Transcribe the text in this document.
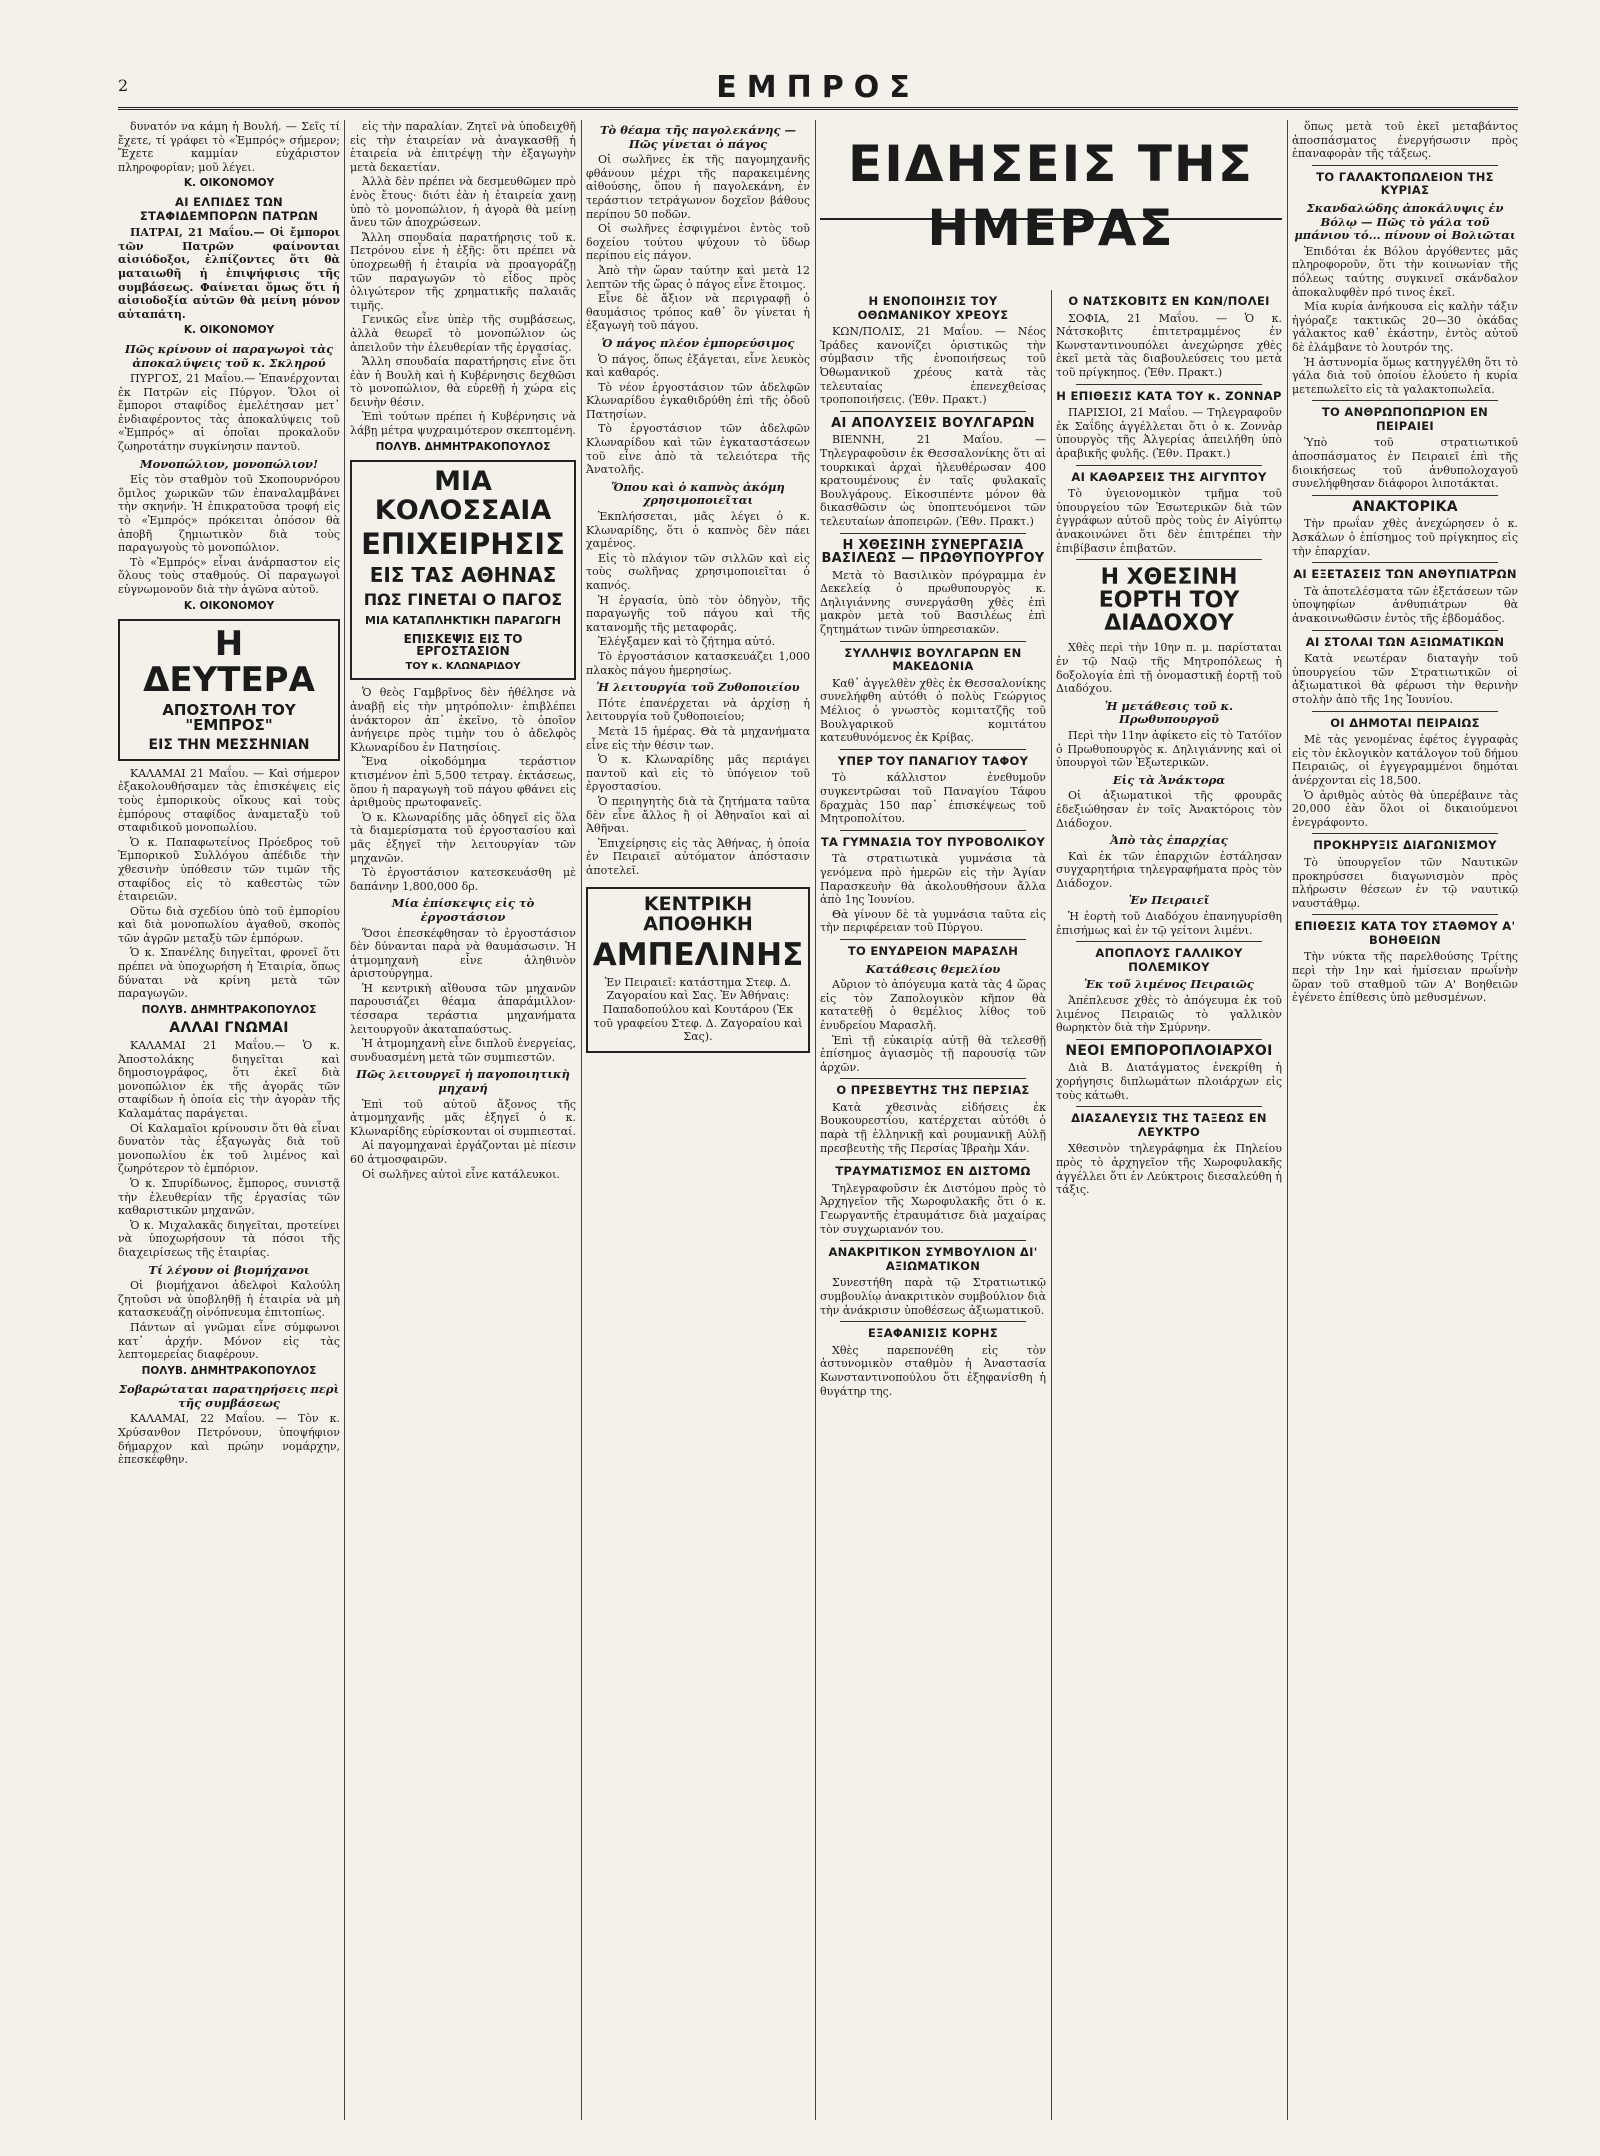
2	ΕΜΠΡΟΣ

δυνατόν να κάμη ἡ Βουλή. — Σεῖς τί ἔχετε, τί γράφει τὸ «Ἐμπρός» σήμερον; Ἔχετε καμμίαν εὐχάριστον πληροφορίαν; μοῦ λέγει.

Κ. ΟΙΚΟΝΟΜΟΥ
ΑΙ ΕΛΠΙΔΕΣ ΤΩΝ ΣΤΑΦΙΔΕΜΠΟΡΩΝ ΠΑΤΡΩΝ

ΠΑΤΡΑΙ, 21 Μαΐου.— Οἱ ἔμποροι τῶν Πατρῶν φαίνονται αἰσιόδοξοι, ἐλπίζοντες ὅτι θὰ ματαιωθῆ ἡ ἐπιψήφισις τῆς συμβάσεως. Φαίνεται ὅμως ὅτι ἡ αἰσιοδοξία αὐτῶν θὰ μείνη μόνον αὐταπάτη.

Κ. ΟΙΚΟΝΟΜΟΥ
Πῶς κρίνουν οἱ παραγωγοὶ τὰς ἀποκαλύψεις τοῦ κ. Σκληρού

ΠΥΡΓΟΣ, 21 Μαΐου.— Ἐπανέρχονται ἐκ Πατρῶν εἰς Πύργον. Ὅλοι οἱ ἔμποροι σταφίδος ἐμελέτησαν μετ᾽ ἐνδιαφέροντος τὰς ἀποκαλύψεις τοῦ «Ἐμπρός» αἱ ὁποῖαι προκαλοῦν ζωηροτάτην συγκίνησιν παντοῦ.

Μονοπώλιον, μονοπώλιον!

Εἰς τὸν σταθμὸν τοῦ Σκοπουρνόρου ὅμιλος χωρικῶν τῶν ἐπαναλαμβάνει τὴν σκηνήν. Ἡ ἐπικρατοῦσα τροφή εἰς τὸ «Ἐμπρός» πρόκειται ὁπόσον θὰ ἀποβῆ ζημιωτικὸν διὰ τοὺς παραγωγοὺς τὸ μονοπώλιον.

Τὸ «Ἐμπρός» εἶναι ἀνάρπαστον εἰς ὅλους τοὺς σταθμούς. Οἱ παραγωγοὶ εὐγνωμονοῦν διὰ τὴν ἀγῶνα αὐτοῦ.

Κ. ΟΙΚΟΝΟΜΟΥ
Η ΔΕΥΤΕΡΑ
ΑΠΟΣΤΟΛΗ ΤΟΥ "ΕΜΠΡΟΣ"
ΕΙΣ ΤΗΝ ΜΕΣΣΗΝΙΑΝ

ΚΑΛΑΜΑΙ 21 Μαΐου. — Καὶ σήμερον ἐξακολουθήσαμεν τὰς ἐπισκέψεις εἰς τοὺς ἐμπορικοὺς οἴκους καὶ τοὺς ἐμπόρους σταφίδος ἀναμεταξὺ τοῦ σταφιδικοῦ μονοπωλίου.

Ὁ κ. Παπαφωτείνος Πρόεδρος τοῦ Ἐμπορικοῦ Συλλόγου ἀπέδιδε τὴν χθεσινὴν ὑπόθεσιν τῶν τιμῶν τῆς σταφίδος εἰς τὸ καθεστὼς τῶν ἑταιρειῶν.

Οὕτω διὰ σχεδίου ὑπὸ τοῦ ἐμπορίου καὶ διὰ μονοπωλίου ἀγαθοῦ, σκοπὸς τῶν ἀγρῶν μεταξὺ τῶν ἐμπόρων.

Ὁ κ. Σπανέλης διηγεῖται, φρονεῖ ὅτι πρέπει νὰ ὑποχωρήση ἡ Ἑταιρία, ὅπως δύναται νὰ κρίνη μετὰ τῶν παραγωγῶν.

ΠΟΛΥΒ. ΔΗΜΗΤΡΑΚΟΠΟΥΛΟΣ
ΑΛΛΑΙ ΓΝΩΜΑΙ

ΚΑΛΑΜΑΙ 21 Μαΐου.— Ὁ κ. Ἀποστολάκης διηγεῖται καὶ δημοσιογράφος, ὅτι ἐκεῖ διὰ μονοπώλιον ἐκ τῆς ἀγορᾶς τῶν σταφίδων ἡ ὁποία εἰς τὴν ἀγορὰν τῆς Καλαμάτας παράγεται.

Οἱ Καλαμαῖοι κρίνουσιν ὅτι θὰ εἶναι δυνατὸν τὰς ἐξαγωγὰς διὰ τοῦ μονοπωλίου ἐκ τοῦ λιμένος καὶ ζωηρότερον τὸ ἐμπόριον.

Ὁ κ. Σπυρίδωνος, ἔμπορος, συνιστᾷ τὴν ἐλευθερίαν τῆς ἐργασίας τῶν καθαριστικῶν μηχανῶν.

Ὁ κ. Μιχαλακᾶς διηγεῖται, προτείνει νὰ ὑποχωρήσουν τὰ πόσοι τῆς διαχειρίσεως τῆς ἑταιρίας.

Τί λέγουν οἱ βιομήχανοι

Οἱ βιομήχανοι ἀδελφοὶ Καλούλη ζητοῦσι νὰ ὑποβληθῇ ἡ ἑταιρία νὰ μὴ κατασκευάζῃ οἰνόπνευμα ἐπιτοπίως.

Πάντων αἱ γνῶμαι εἶνε σύμφωνοι κατ᾽ ἀρχήν. Μόνον εἰς τὰς λεπτομερείας διαφέρουν.

ΠΟΛΥΒ. ΔΗΜΗΤΡΑΚΟΠΟΥΛΟΣ
Σοβαρώταται παρατηρήσεις περὶ τῆς συμβάσεως

ΚΑΛΑΜΑΙ, 22 Μαΐου. — Τὸν κ. Χρύσανθον Πετρόνουν, ὑποψήφιον δήμαρχον καὶ πρώην νομάρχην, ἐπεσκέφθην.

εἰς τὴν παραλίαν. Ζητεῖ νὰ ὑποδειχθῆ εἰς τὴν ἑταιρείαν νὰ ἀναγκασθῇ ἡ ἑταιρεία νὰ ἐπιτρέψῃ τὴν ἐξαγωγὴν μετὰ δεκαετίαν.

Ἀλλὰ δὲν πρέπει νὰ δεσμευθῶμεν πρὸ ἑνὸς ἔτους· διότι ἐὰν ἡ ἑταιρεία χανῃ ὑπὸ τὸ μονοπώλιον, ἡ ἀγορὰ θὰ μείνῃ ἄνευ τῶν ἀποχρώσεων.

Ἄλλη σπουδαία παρατήρησις τοῦ κ. Πετρόνου εἶνε ἡ ἑξῆς: ὅτι πρέπει νὰ ὑποχρεωθῇ ἡ ἑταιρία νὰ προαγοράζῃ τῶν παραγωγῶν τὸ εἶδος πρὸς ὀλιγώτερον τῆς χρηματικῆς παλαιᾶς τιμῆς.

Γενικῶς εἶνε ὑπὲρ τῆς συμβάσεως, ἀλλὰ θεωρεῖ τὸ μονοπώλιον ὡς ἀπειλοῦν τὴν ἐλευθερίαν τῆς ἐργασίας.

Ἄλλη σπουδαία παρατήρησις εἶνε ὅτι ἐὰν ἡ Βουλὴ καὶ ἡ Κυβέρνησις δεχθῶσι τὸ μονοπώλιον, θὰ εὑρεθῇ ἡ χώρα εἰς δεινὴν θέσιν.

Ἐπὶ τούτων πρέπει ἡ Κυβέρνησις νὰ λάβῃ μέτρα ψυχραιμότερον σκεπτομένη.

ΠΟΛΥΒ. ΔΗΜΗΤΡΑΚΟΠΟΥΛΟΣ
ΜΙΑ ΚΟΛΟΣΣΑΙΑ
ΕΠΙΧΕΙΡΗΣΙΣ
ΕΙΣ ΤΑΣ ΑΘΗΝΑΣ
ΠΩΣ ΓΙΝΕΤΑΙ Ο ΠΑΓΟΣ
ΜΙΑ ΚΑΤΑΠΛΗΚΤΙΚΗ ΠΑΡΑΓΩΓΗ
ΕΠΙΣΚΕΨΙΣ ΕΙΣ ΤΟ ΕΡΓΟΣΤΑΣΙΟΝ
ΤΟΥ κ. ΚΛΩΝΑΡΙΔΟΥ

Ὁ θεὸς Γαμβρῖνος δὲν ἠθέλησε νὰ ἀναβῇ εἰς τὴν μητρόπολιν· ἐπιβλέπει ἀνάκτορον ἀπ᾽ ἐκεῖνο, τὸ ὁποῖον ἀνήγειρε πρὸς τιμὴν του ὁ ἀδελφὸς Κλωναρίδου ἐν Πατησίοις.

Ἕνα οἰκοδόμημα τεράστιον κτισμένον ἐπὶ 5,500 τετραγ. ἐκτάσεως, ὅπου ἡ παραγωγὴ τοῦ πάγου φθάνει εἰς ἀριθμοὺς πρωτοφανεῖς.

Ὁ κ. Κλωναρίδης μᾶς ὁδηγεῖ εἰς ὅλα τὰ διαμερίσματα τοῦ ἐργοστασίου καὶ μᾶς ἐξηγεῖ τὴν λειτουργίαν τῶν μηχανῶν.

Τὸ ἐργοστάσιον κατεσκευάσθη μὲ δαπάνην 1,800,000 δρ.

Μία ἐπίσκεψις εἰς τὸ ἐργοστάσιον

Ὅσοι ἐπεσκέφθησαν τὸ ἐργοστάσιον δὲν δύνανται παρὰ νὰ θαυμάσωσιν. Ἡ ἀτμομηχανὴ εἶνε ἀληθινὸν ἀριστούργημα.

Ἡ κεντρικὴ αἴθουσα τῶν μηχανῶν παρουσιάζει θέαμα ἀπαράμιλλον· τέσσαρα τεράστια μηχανήματα λειτουργοῦν ἀκαταπαύστως.

Ἡ ἀτμομηχανὴ εἶνε διπλοῦ ἐνεργείας, συνδυασμένη μετὰ τῶν συμπιεστῶν.

Πῶς λειτουργεῖ ἡ παγοποιητικὴ μηχανή

Ἐπὶ τοῦ αὐτοῦ ἄξονος τῆς ἀτμομηχανῆς μᾶς ἐξηγεῖ ὁ κ. Κλωναρίδης εὑρίσκονται οἱ συμπιεσταί.

Αἱ παγομηχαναὶ ἐργάζονται μὲ πίεσιν 60 ἀτμοσφαιρῶν.

Οἱ σωλῆνες αὐτοὶ εἶνε κατάλευκοι.

Τὸ θέαμα τῆς παγολεκάνης — Πῶς γίνεται ὁ πάγος

Οἱ σωλῆνες ἐκ τῆς παγομηχανῆς φθάνουν μέχρι τῆς παρακειμένης αἰθούσης, ὅπου ἡ παγολεκάνη, ἐν τεράστιον τετράγωνον δοχεῖον βάθους περίπου 50 ποδῶν.

Οἱ σωλῆνες ἐσφιγμένοι ἐντὸς τοῦ δοχείου τούτου ψύχουν τὸ ὕδωρ περίπου εἰς πάγον.

Ἀπὸ τὴν ὥραν ταύτην καὶ μετὰ 12 λεπτῶν τῆς ὥρας ὁ πάγος εἶνε ἕτοιμος.

Εἶνε δὲ ἄξιον νὰ περιγραφῇ ὁ θαυμάσιος τρόπος καθ᾽ ὃν γίνεται ἡ ἐξαγωγὴ τοῦ πάγου.

Ὁ πάγος πλέον ἐμπορεύσιμος

Ὁ πάγος, ὅπως ἐξάγεται, εἶνε λευκὸς καὶ καθαρός.

Τὸ νέον ἐργοστάσιον τῶν ἀδελφῶν Κλωναρίδου ἐγκαθιδρύθη ἐπὶ τῆς ὁδοῦ Πατησίων.

Τὸ ἐργοστάσιον τῶν ἀδελφῶν Κλωναρίδου καὶ τῶν ἐγκαταστάσεων τοῦ εἶνε ἀπὸ τὰ τελειότερα τῆς Ἀνατολῆς.

Ὅπου καὶ ὁ καπνὸς ἀκόμη χρησιμοποιεῖται

Ἐκπλήσσεται, μᾶς λέγει ὁ κ. Κλωναρίδης, ὅτι ὁ καπνὸς δὲν πάει χαμένος.

Εἰς τὸ πλάγιον τῶν σιλλῶν καὶ εἰς τοὺς σωλῆνας χρησιμοποιεῖται ὁ καπνός.

Ἡ ἐργασία, ὑπὸ τὸν ὁδηγὸν, τῆς παραγωγῆς τοῦ πάγου καὶ τῆς κατανομῆς τῆς μεταφορᾶς.

Ἐλέγξαμεν καὶ τὸ ζήτημα αὐτό.

Τὸ ἐργοστάσιον κατασκευάζει 1,000 πλακὸς πάγου ἡμερησίως.

Ἡ λειτουργία τοῦ Ζυθοποιείου

Πότε ἐπανέρχεται νὰ ἀρχίσῃ ἡ λειτουργία τοῦ ζυθοποιείου;

Μετὰ 15 ἡμέρας. Θὰ τὰ μηχανήματα εἶνε εἰς τὴν θέσιν των.

Ὁ κ. Κλωναρίδης μᾶς περιάγει παντοῦ καὶ εἰς τὸ ὑπόγειον τοῦ ἐργοστασίου.

Ὁ περιηγητὴς διὰ τὰ ζητήματα ταῦτα δὲν εἶνε ἄλλος ἢ οἱ Ἀθηναῖοι καὶ αἱ Ἀθῆναι.

Ἐπιχείρησις εἰς τὰς Ἀθήνας, ἡ ὁποία ἐν Πειραιεῖ αὐτόματον ἀπόστασιν ἀποτελεῖ.

ΚΕΝΤΡΙΚΗ ΑΠΟΘΗΚΗ
ΑΜΠΕΛΙΝΗΣ

Ἐν Πειραιεῖ: κατάστημα Στεφ. Δ. Ζαγοραίου καὶ Σας. Ἐν Ἀθήναις: Παπαδοπούλου καὶ Κουτάρου (Ἐκ τοῦ γραφείου Στεφ. Δ. Ζαγοραίου καὶ Σας).

ΕΙΔΗΣΕΙΣ ΤΗΣ ΗΜΕΡΑΣ
Η ΕΝΟΠΟΙΗΣΙΣ ΤΟΥ ΟΘΩΜΑΝΙΚΟΥ ΧΡΕΟΥΣ

ΚΩΝ/ΠΟΛΙΣ, 21 Μαΐου. — Νέος Ἰράδες κανονίζει ὁριστικῶς τὴν σύμβασιν τῆς ἑνοποιήσεως τοῦ Ὀθωμανικοῦ χρέους κατὰ τὰς τελευταίας ἐπενεχθείσας τροποποιήσεις. (Ἐθν. Πρακτ.)

ΑΙ ΑΠΟΛΥΣΕΙΣ ΒΟΥΛΓΑΡΩΝ

ΒΙΕΝΝΗ, 21 Μαΐου. — Τηλεγραφοῦσιν ἐκ Θεσσαλονίκης ὅτι αἱ τουρκικαὶ ἀρχαὶ ἠλευθέρωσαν 400 κρατουμένους ἐν ταῖς φυλακαῖς Βουλγάρους. Εἰκοσιπέντε μόνον θὰ δικασθῶσιν ὡς ὑποπτευόμενοι τῶν τελευταίων ἀποπειρῶν. (Ἐθν. Πρακτ.)

Η ΧΘΕΣΙΝΗ ΣΥΝΕΡΓΑΣΙΑ ΒΑΣΙΛΕΩΣ — ΠΡΩΘΥΠΟΥΡΓΟΥ

Μετὰ τὸ Βασιλικὸν πρόγραμμα ἐν Δεκελείᾳ ὁ πρωθυπουργὸς κ. Δηλιγιάννης συνεργάσθη χθὲς ἐπὶ μακρὸν μετὰ τοῦ Βασιλέως ἐπὶ ζητημάτων τινῶν ὑπηρεσιακῶν.

ΣΥΛΛΗΨΙΣ ΒΟΥΛΓΑΡΩΝ ΕΝ ΜΑΚΕΔΟΝΙΑ

Καθ᾽ ἀγγελθὲν χθὲς ἐκ Θεσσαλονίκης συνελήφθη αὐτόθι ὁ πολὺς Γεώργιος Μέλιος ὁ γνωστὸς κομιτατζῆς τοῦ Βουλγαρικοῦ κομιτάτου κατευθυνόμενος ἐκ Κρίβας.

ΥΠΕΡ ΤΟΥ ΠΑΝΑΓΙΟΥ ΤΑΦΟΥ

Τὸ κάλλιστον ἐνεθυμοῦν συγκεντρῶσαι τοῦ Παναγίου Τάφου δραχμὰς 150 παρ᾽ ἐπισκέψεως τοῦ Μητροπολίτου.

ΤΑ ΓΥΜΝΑΣΙΑ ΤΟΥ ΠΥΡΟΒΟΛΙΚΟΥ

Τὰ στρατιωτικὰ γυμνάσια τὰ γενόμενα πρὸ ἡμερῶν εἰς τὴν Ἁγίαν Παρασκευὴν θὰ ἀκολουθήσουν ἄλλα ἀπὸ 1ης Ἰουνίου.

Θὰ γίνουν δὲ τὰ γυμνάσια ταῦτα εἰς τὴν περιφέρειαν τοῦ Πύργου.

ΤΟ ΕΝΥΔΡΕΙΟΝ ΜΑΡΑΣΛΗ
Κατάθεσις θεμελίου

Αὔριον τὸ ἀπόγευμα κατὰ τὰς 4 ὥρας εἰς τὸν Ζαπολογικὸν κῆπον θὰ κατατεθῇ ὁ θεμέλιος λίθος τοῦ ἐνυδρείου Μαρασλῆ.

Ἐπὶ τῇ εὐκαιρίᾳ αὐτῇ θὰ τελεσθῇ ἐπίσημος ἀγιασμὸς τῇ παρουσίᾳ τῶν ἀρχῶν.

Ο ΠΡΕΣΒΕΥΤΗΣ ΤΗΣ ΠΕΡΣΙΑΣ

Κατὰ χθεσινὰς εἰδήσεις ἐκ Βουκουρεστίου, κατέρχεται αὐτόθι ὁ παρὰ τῇ ἑλληνικῇ καὶ ρουμανικῇ Αὐλῇ πρεσβευτὴς τῆς Περσίας Ἰβραὴμ Χάν.

ΤΡΑΥΜΑΤΙΣΜΟΣ ΕΝ ΔΙΣΤΟΜΩ

Τηλεγραφοῦσιν ἐκ Διστόμου πρὸς τὸ Ἀρχηγεῖον τῆς Χωροφυλακῆς ὅτι ὁ κ. Γεωργαντῆς ἐτραυμάτισε διὰ μαχαίρας τὸν συγχωριανόν του.

ΑΝΑΚΡΙΤΙΚΟΝ ΣΥΜΒΟΥΛΙΟΝ ΔΙ' ΑΞΙΩΜΑΤΙΚΟΝ

Συνεστήθη παρὰ τῷ Στρατιωτικῷ συμβουλίῳ ἀνακριτικὸν συμβούλιον διὰ τὴν ἀνάκρισιν ὑποθέσεως ἀξιωματικοῦ.

ΕΞΑΦΑΝΙΣΙΣ ΚΟΡΗΣ

Χθὲς παρεπονέθη εἰς τὸν ἀστυνομικὸν σταθμὸν ἡ Ἀναστασία Κωνσταντινοπούλου ὅτι ἐξηφανίσθη ἡ θυγάτηρ της.

Ο ΝΑΤΣΚΟΒΙΤΣ ΕΝ ΚΩΝ/ΠΟΛΕΙ

ΣΟΦΙΑ, 21 Μαΐου. — Ὁ κ. Νάτσκοβιτς ἐπιτετραμμένος ἐν Κωνσταντινουπόλει ἀνεχώρησε χθὲς ἐκεῖ μετὰ τὰς διαβουλεύσεις του μετὰ τοῦ πρίγκηπος. (Ἐθν. Πρακτ.)

Η ΕΠΙΘΕΣΙΣ ΚΑΤΑ ΤΟΥ κ. ΖΟΝΝΑΡ

ΠΑΡΙΣΙΟΙ, 21 Μαΐου. — Τηλεγραφοῦν ἐκ Σαΐδης ἀγγέλλεται ὅτι ὁ κ. Ζοννὰρ ὑπουργὸς τῆς Ἀλγερίας ἀπειλήθη ὑπὸ ἀραβικῆς φυλῆς. (Ἐθν. Πρακτ.)

ΑΙ ΚΑΘΑΡΣΕΙΣ ΤΗΣ ΑΙΓΥΠΤΟΥ

Τὸ ὑγειονομικὸν τμῆμα τοῦ ὑπουργείου τῶν Ἐσωτερικῶν διὰ τῶν ἐγγράφων αὐτοῦ πρὸς τοὺς ἐν Αἰγύπτῳ ἀνακοινώνει ὅτι δὲν ἐπιτρέπει τὴν ἐπιβίβασιν ἐπιβατῶν.

Η ΧΘΕΣΙΝΗ ΕΟΡΤΗ ΤΟΥ ΔΙΑΔΟΧΟΥ

Χθὲς περὶ τὴν 10ην π. μ. παρίσταται ἐν τῷ Ναῷ τῆς Μητροπόλεως ἡ δοξολογία ἐπὶ τῇ ὀνομαστικῇ ἑορτῇ τοῦ Διαδόχου.

Ἡ μετάθεσις τοῦ κ. Πρωθυπουργοῦ

Περὶ τὴν 11ην ἀφίκετο εἰς τὸ Τατόϊον ὁ Πρωθυπουργὸς κ. Δηλιγιάννης καὶ οἱ ὑπουργοὶ τῶν Ἐξωτερικῶν.

Εἰς τὰ Ἀνάκτορα

Οἱ ἀξιωματικοὶ τῆς φρουρᾶς ἐδεξιώθησαν ἐν τοῖς Ἀνακτόροις τὸν Διάδοχον.

Ἀπὸ τὰς ἐπαρχίας

Καὶ ἐκ τῶν ἐπαρχιῶν ἐστάλησαν συγχαρητήρια τηλεγραφήματα πρὸς τὸν Διάδοχον.

Ἐν Πειραιεῖ

Ἡ ἑορτὴ τοῦ Διαδόχου ἐπανηγυρίσθη ἐπισήμως καὶ ἐν τῷ γείτονι λιμένι.

ΑΠΟΠΛΟΥΣ ΓΑΛΛΙΚΟΥ ΠΟΛΕΜΙΚΟΥ
Ἐκ τοῦ λιμένος Πειραιῶς

Ἀπέπλευσε χθὲς τὸ ἀπόγευμα ἐκ τοῦ λιμένος Πειραιῶς τὸ γαλλικὸν θωρηκτὸν διὰ τὴν Σμύρνην.

ΝΕΟΙ ΕΜΠΟΡΟΠΛΟΙΑΡΧΟΙ

Διὰ Β. Διατάγματος ἐνεκρίθη ἡ χορήγησις διπλωμάτων πλοιάρχων εἰς τοὺς κάτωθι.

ΔΙΑΣΑΛΕΥΣΙΣ ΤΗΣ ΤΑΞΕΩΣ ΕΝ ΛΕΥΚΤΡΟ

Χθεσινὸν τηλεγράφημα ἐκ Πηλείου πρὸς τὸ ἀρχηγεῖον τῆς Χωροφυλακῆς ἀγγέλλει ὅτι ἐν Λεύκτροις διεσαλεύθη ἡ τάξις.

ὅπως μετὰ τοῦ ἐκεῖ μεταβάντος ἀποσπάσματος ἐνεργήσωσιν πρὸς ἐπαναφορὰν τῆς τάξεως.

ΤΟ ΓΑΛΑΚΤΟΠΩΛΕΙΟΝ ΤΗΣ ΚΥΡΙΑΣ
Σκανδαλώδης ἀποκάλυψις ἐν Βόλῳ — Πῶς τὸ γάλα τοῦ μπάνιου τό... πίνουν οἱ Βολιῶται

Ἐπιδόται ἐκ Βόλου ἀργόθεντες μᾶς πληροφοροῦν, ὅτι τὴν κοινωνίαν τῆς πόλεως ταύτης συγκινεῖ σκάνδαλον ἀποκαλυφθὲν πρό τινος ἐκεῖ.

Μία κυρία ἀνήκουσα εἰς καλὴν τάξιν ἠγόραζε τακτικῶς 20—30 ὀκάδας γάλακτος καθ᾽ ἑκάστην, ἐντὸς αὐτοῦ δὲ ἐλάμβανε τὸ λουτρόν της.

Ἡ ἀστυνομία ὅμως κατηγγέλθη ὅτι τὸ γάλα διὰ τοῦ ὁποίου ἐλούετο ἡ κυρία μετεπωλεῖτο εἰς τὰ γαλακτοπωλεῖα.

ΤΟ ΑΝΘΡΩΠΟΠΩΡΙΟΝ ΕΝ ΠΕΙΡΑΙΕΙ

Ὑπὸ τοῦ στρατιωτικοῦ ἀποσπάσματος ἐν Πειραιεῖ ἐπὶ τῆς διοικήσεως τοῦ ἀνθυπολοχαγοῦ συνελήφθησαν διάφοροι λιποτάκται.

ΑΝΑΚΤΟΡΙΚΑ

Τὴν πρωΐαν χθὲς ἀνεχώρησεν ὁ κ. Ἀσκάλων ὁ ἐπίσημος τοῦ πρίγκηπος εἰς τὴν ἐπαρχίαν.

ΑΙ ΕΞΕΤΑΣΕΙΣ ΤΩΝ ΑΝΘΥΠΙΑΤΡΩΝ

Τὰ ἀποτελέσματα τῶν ἐξετάσεων τῶν ὑποψηφίων ἀνθυπιάτρων θὰ ἀνακοινωθῶσιν ἐντὸς τῆς ἑβδομάδος.

ΑΙ ΣΤΟΛΑΙ ΤΩΝ ΑΞΙΩΜΑΤΙΚΩΝ

Κατὰ νεωτέραν διαταγὴν τοῦ ὑπουργείου τῶν Στρατιωτικῶν οἱ ἀξιωματικοὶ θὰ φέρωσι τὴν θερινὴν στολὴν ἀπὸ τῆς 1ης Ἰουνίου.

ΟΙ ΔΗΜΟΤΑΙ ΠΕΙΡΑΙΩΣ

Μὲ τὰς γενομένας ἐφέτος ἐγγραφὰς εἰς τὸν ἐκλογικὸν κατάλογον τοῦ δήμου Πειραιῶς, οἱ ἐγγεγραμμένοι δημόται ἀνέρχονται εἰς 18,500.

Ὁ ἀριθμὸς αὐτὸς θὰ ὑπερέβαινε τὰς 20,000 ἐὰν ὅλοι οἱ δικαιούμενοι ἐνεγράφοντο.

ΠΡΟΚΗΡΥΞΙΣ ΔΙΑΓΩΝΙΣΜΟΥ

Τὸ ὑπουργεῖον τῶν Ναυτικῶν προκηρύσσει διαγωνισμὸν πρὸς πλήρωσιν θέσεων ἐν τῷ ναυτικῷ ναυστάθμῳ.

ΕΠΙΘΕΣΙΣ ΚΑΤΑ ΤΟΥ ΣΤΑΘΜΟΥ Α' ΒΟΗΘΕΙΩΝ

Τὴν νύκτα τῆς παρελθούσης Τρίτης περὶ τὴν 1ην καὶ ἡμίσειαν πρωΐνὴν ὥραν τοῦ σταθμοῦ τῶν Α' Βοηθειῶν ἐγένετο ἐπίθεσις ὑπὸ μεθυσμένων.
